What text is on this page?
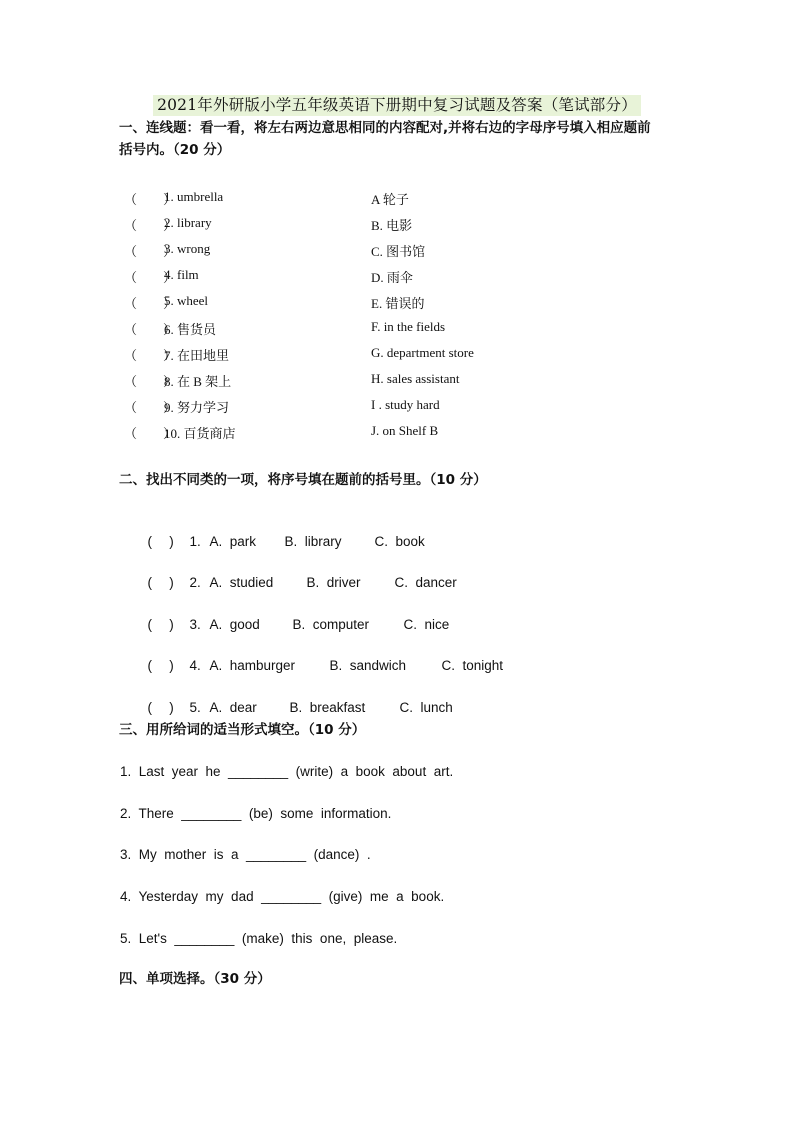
2021年外研版小学五年级英语下册期中复习试题及答案（笔试部分）
一、连线题：看一看，将左右两边意思相同的内容配对,并将右边的字母序号填入相应题前
括号内。（20 分）
（　　）
1. umbrella	A 轮子
（　　）
2. library	B. 电影
（　　）
3. wrong	C. 图书馆
（　　）
4. film	D. 雨伞
（　　）
5. wheel	E. 错误的
（　　）
6. 售货员	F. in the fields
（　　）
7. 在田地里	G. department store
（　　）
8. 在 B 架上	H. sales assistant
（　　）
9. 努力学习	I . study hard
（　　）
10. 百货商店	J. on Shelf B
二、找出不同类的一项，将序号填在题前的括号里。（10 分）

(　 ) 1. A.  park B.  library C.  book

(　 ) 2. A.  studied B.  driver	C.  dancer

(　 ) 3. A.  good B.  computer	C.  nice

(　 ) 4. A.  hamburger	B.  sandwich	C.  tonight

(　 ) 5. A.  dear B.  breakfast	C.  lunch

三、用所给词的适当形式填空。（10 分）
1.  Last  year  he  ________  (write)  a  book  about  art.
2.  There  ________  (be)  some  information.
3.  My  mother  is  a  ________  (dance)  .
4.  Yesterday  my  dad  ________  (give)  me  a  book.
5.  Let's  ________  (make)  this  one,  please.
四、单项选择。（30 分）
